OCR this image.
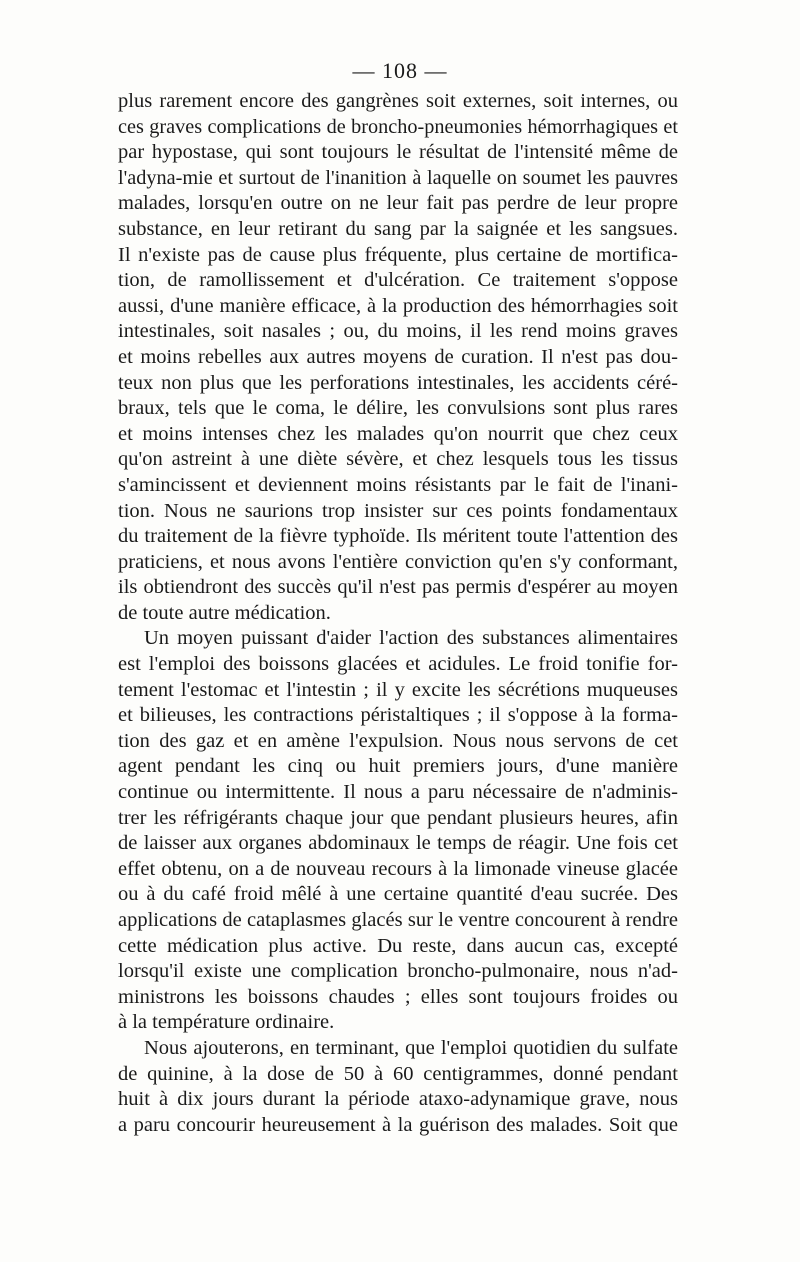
— 108 —
plus rarement encore des gangrènes soit externes, soit internes, ou
ces graves complications de broncho-pneumonies hémorrhagiques et
par hypostase, qui sont toujours le résultat de l'intensité même de
l'adyna-mie et surtout de l'inanition à laquelle on soumet les pauvres
malades, lorsqu'en outre on ne leur fait pas perdre de leur propre
substance, en leur retirant du sang par la saignée et les sangsues.
Il n'existe pas de cause plus fréquente, plus certaine de mortifica-
tion, de ramollissement et d'ulcération. Ce traitement s'oppose
aussi, d'une manière efficace, à la production des hémorrhagies soit
intestinales, soit nasales ; ou, du moins, il les rend moins graves
et moins rebelles aux autres moyens de curation. Il n'est pas dou-
teux non plus que les perforations intestinales, les accidents céré-
braux, tels que le coma, le délire, les convulsions sont plus rares
et moins intenses chez les malades qu'on nourrit que chez ceux
qu'on astreint à une diète sévère, et chez lesquels tous les tissus
s'amincissent et deviennent moins résistants par le fait de l'inani-
tion. Nous ne saurions trop insister sur ces points fondamentaux
du traitement de la fièvre typhoïde. Ils méritent toute l'attention des
praticiens, et nous avons l'entière conviction qu'en s'y conformant,
ils obtiendront des succès qu'il n'est pas permis d'espérer au moyen
de toute autre médication.
Un moyen puissant d'aider l'action des substances alimentaires
est l'emploi des boissons glacées et acidules. Le froid tonifie for-
tement l'estomac et l'intestin ; il y excite les sécrétions muqueuses
et bilieuses, les contractions péristaltiques ; il s'oppose à la forma-
tion des gaz et en amène l'expulsion. Nous nous servons de cet
agent pendant les cinq ou huit premiers jours, d'une manière
continue ou intermittente. Il nous a paru nécessaire de n'adminis-
trer les réfrigérants chaque jour que pendant plusieurs heures, afin
de laisser aux organes abdominaux le temps de réagir. Une fois cet
effet obtenu, on a de nouveau recours à la limonade vineuse glacée
ou à du café froid mêlé à une certaine quantité d'eau sucrée. Des
applications de cataplasmes glacés sur le ventre concourent à rendre
cette médication plus active. Du reste, dans aucun cas, excepté
lorsqu'il existe une complication broncho-pulmonaire, nous n'ad-
ministrons les boissons chaudes ; elles sont toujours froides ou
à la température ordinaire.
Nous ajouterons, en terminant, que l'emploi quotidien du sulfate
de quinine, à la dose de 50 à 60 centigrammes, donné pendant
huit à dix jours durant la période ataxo-adynamique grave, nous
a paru concourir heureusement à la guérison des malades. Soit que
